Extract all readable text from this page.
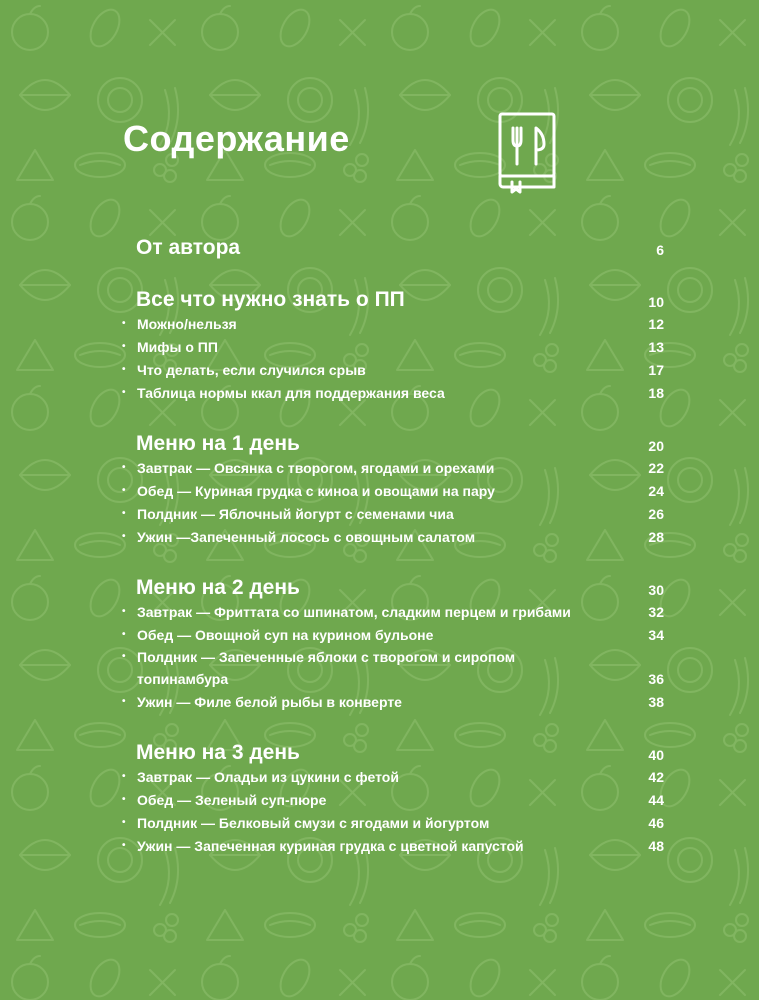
Содержание
От автора	6
Все что нужно знать о ПП	10
• Можно/нельзя	12
• Мифы о ПП	13
• Что делать, если случился срыв	17
• Таблица нормы ккал для поддержания веса	18
Меню на 1 день	20
• Завтрак — Овсянка с творогом, ягодами и орехами	22
• Обед — Куриная грудка с киноа и овощами на пару	24
• Полдник — Яблочный йогурт с семенами чиа	26
• Ужин —Запеченный лосось с овощным салатом	28
Меню на 2 день	30
• Завтрак — Фриттата со шпинатом, сладким перцем и грибами	32
• Обед — Овощной суп на курином бульоне	34
• Полдник — Запеченные яблоки с творогом и сиропом топинамбура	36
• Ужин — Филе белой рыбы в конверте	38
Меню на 3 день	40
• Завтрак — Оладьи из цукини с фетой	42
• Обед — Зеленый суп-пюре	44
• Полдник — Белковый смузи с ягодами и йогуртом	46
• Ужин — Запеченная куриная грудка с цветной капустой	48
